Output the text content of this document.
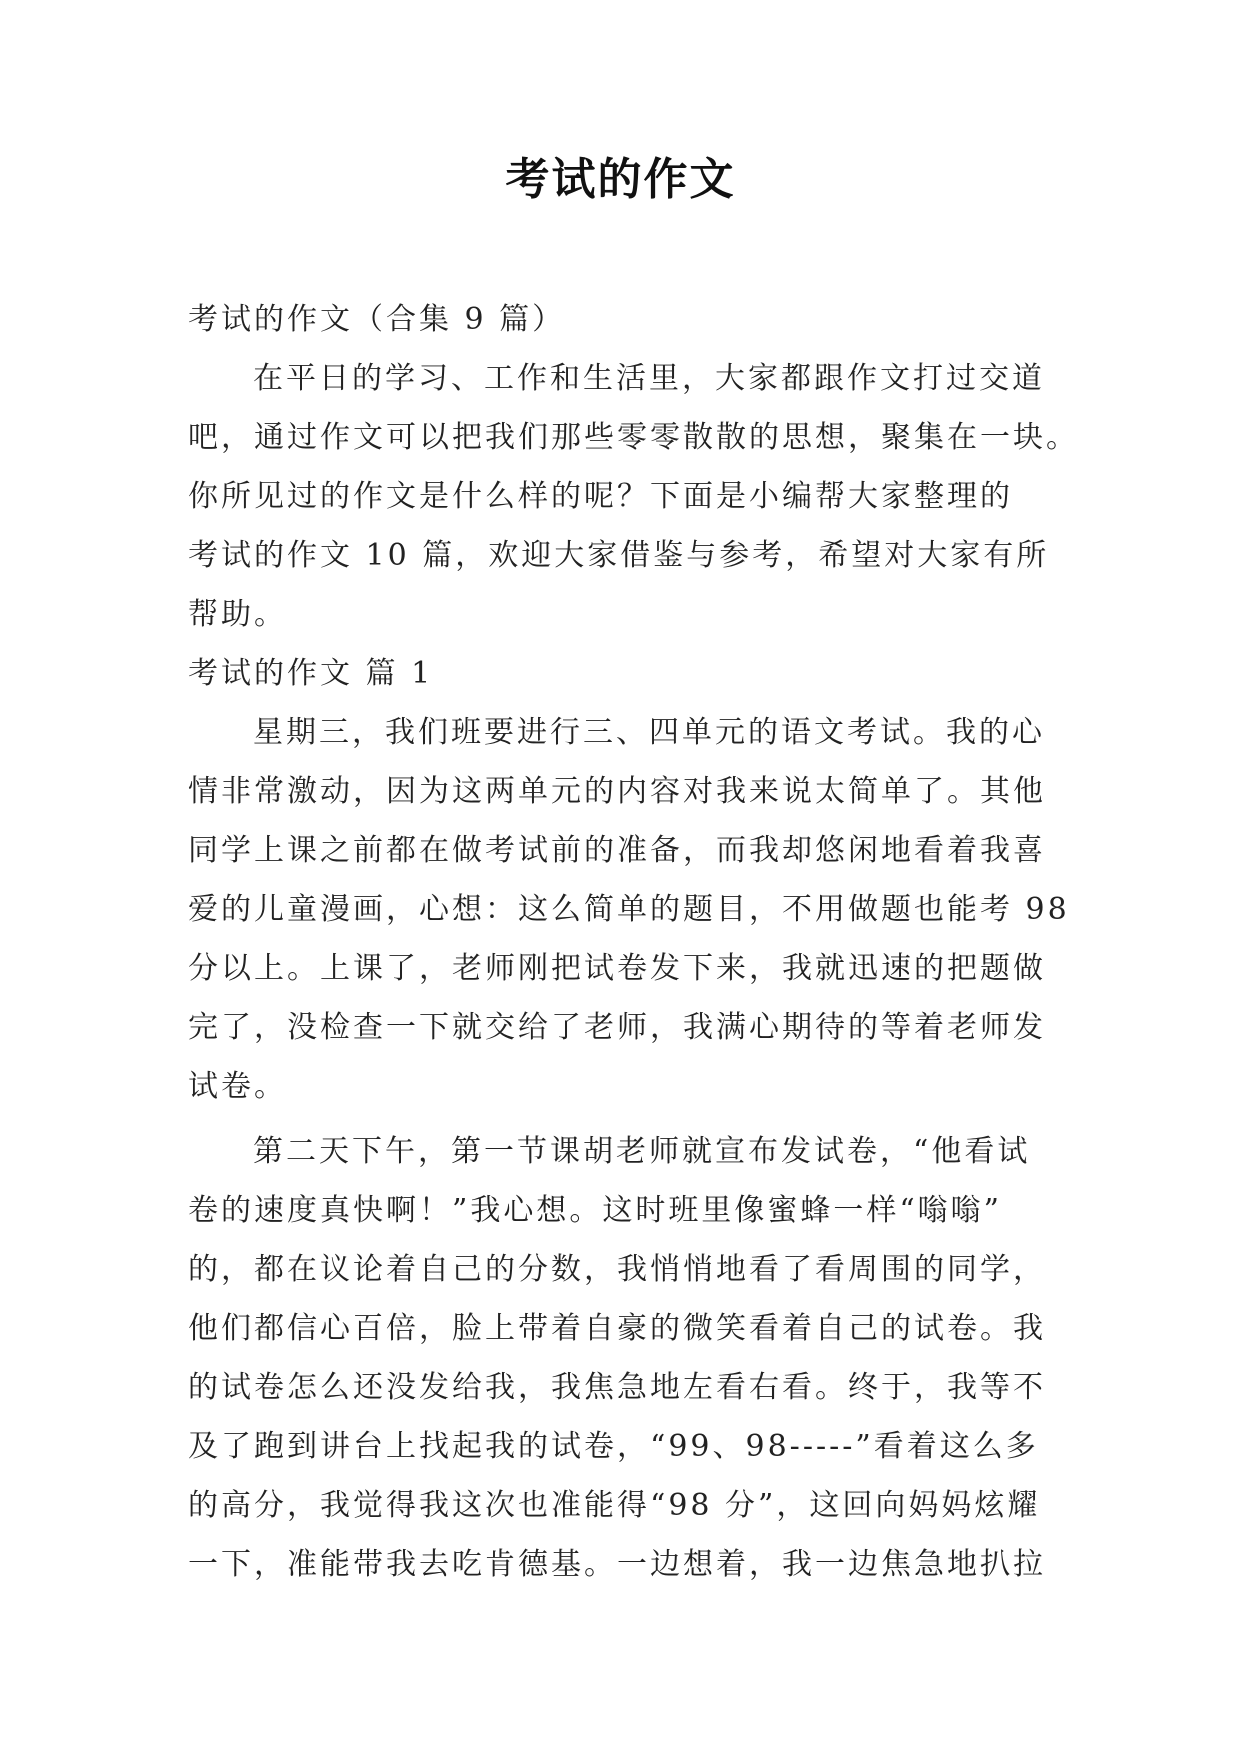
考试的作文

考试的作文（合集 9 篇）

在平日的学习、工作和生活里，大家都跟作文打过交道

吧，通过作文可以把我们那些零零散散的思想，聚集在一块。

你所见过的作文是什么样的呢？下面是小编帮大家整理的

考试的作文 10 篇，欢迎大家借鉴与参考，希望对大家有所

帮助。

考试的作文 篇 1

星期三，我们班要进行三、四单元的语文考试。我的心

情非常激动，因为这两单元的内容对我来说太简单了。其他

同学上课之前都在做考试前的准备，而我却悠闲地看着我喜

爱的儿童漫画，心想：这么简单的题目，不用做题也能考 98

分以上。上课了，老师刚把试卷发下来，我就迅速的把题做

完了，没检查一下就交给了老师，我满心期待的等着老师发

试卷。

第二天下午，第一节课胡老师就宣布发试卷，“他看试

卷的速度真快啊！”我心想。这时班里像蜜蜂一样“嗡嗡”

的，都在议论着自己的分数，我悄悄地看了看周围的同学，

他们都信心百倍，脸上带着自豪的微笑看着自己的试卷。我

的试卷怎么还没发给我，我焦急地左看右看。终于，我等不

及了跑到讲台上找起我的试卷，“99、98-----”看着这么多

的高分，我觉得我这次也准能得“98 分”，这回向妈妈炫耀

一下，准能带我去吃肯德基。一边想着，我一边焦急地扒拉
